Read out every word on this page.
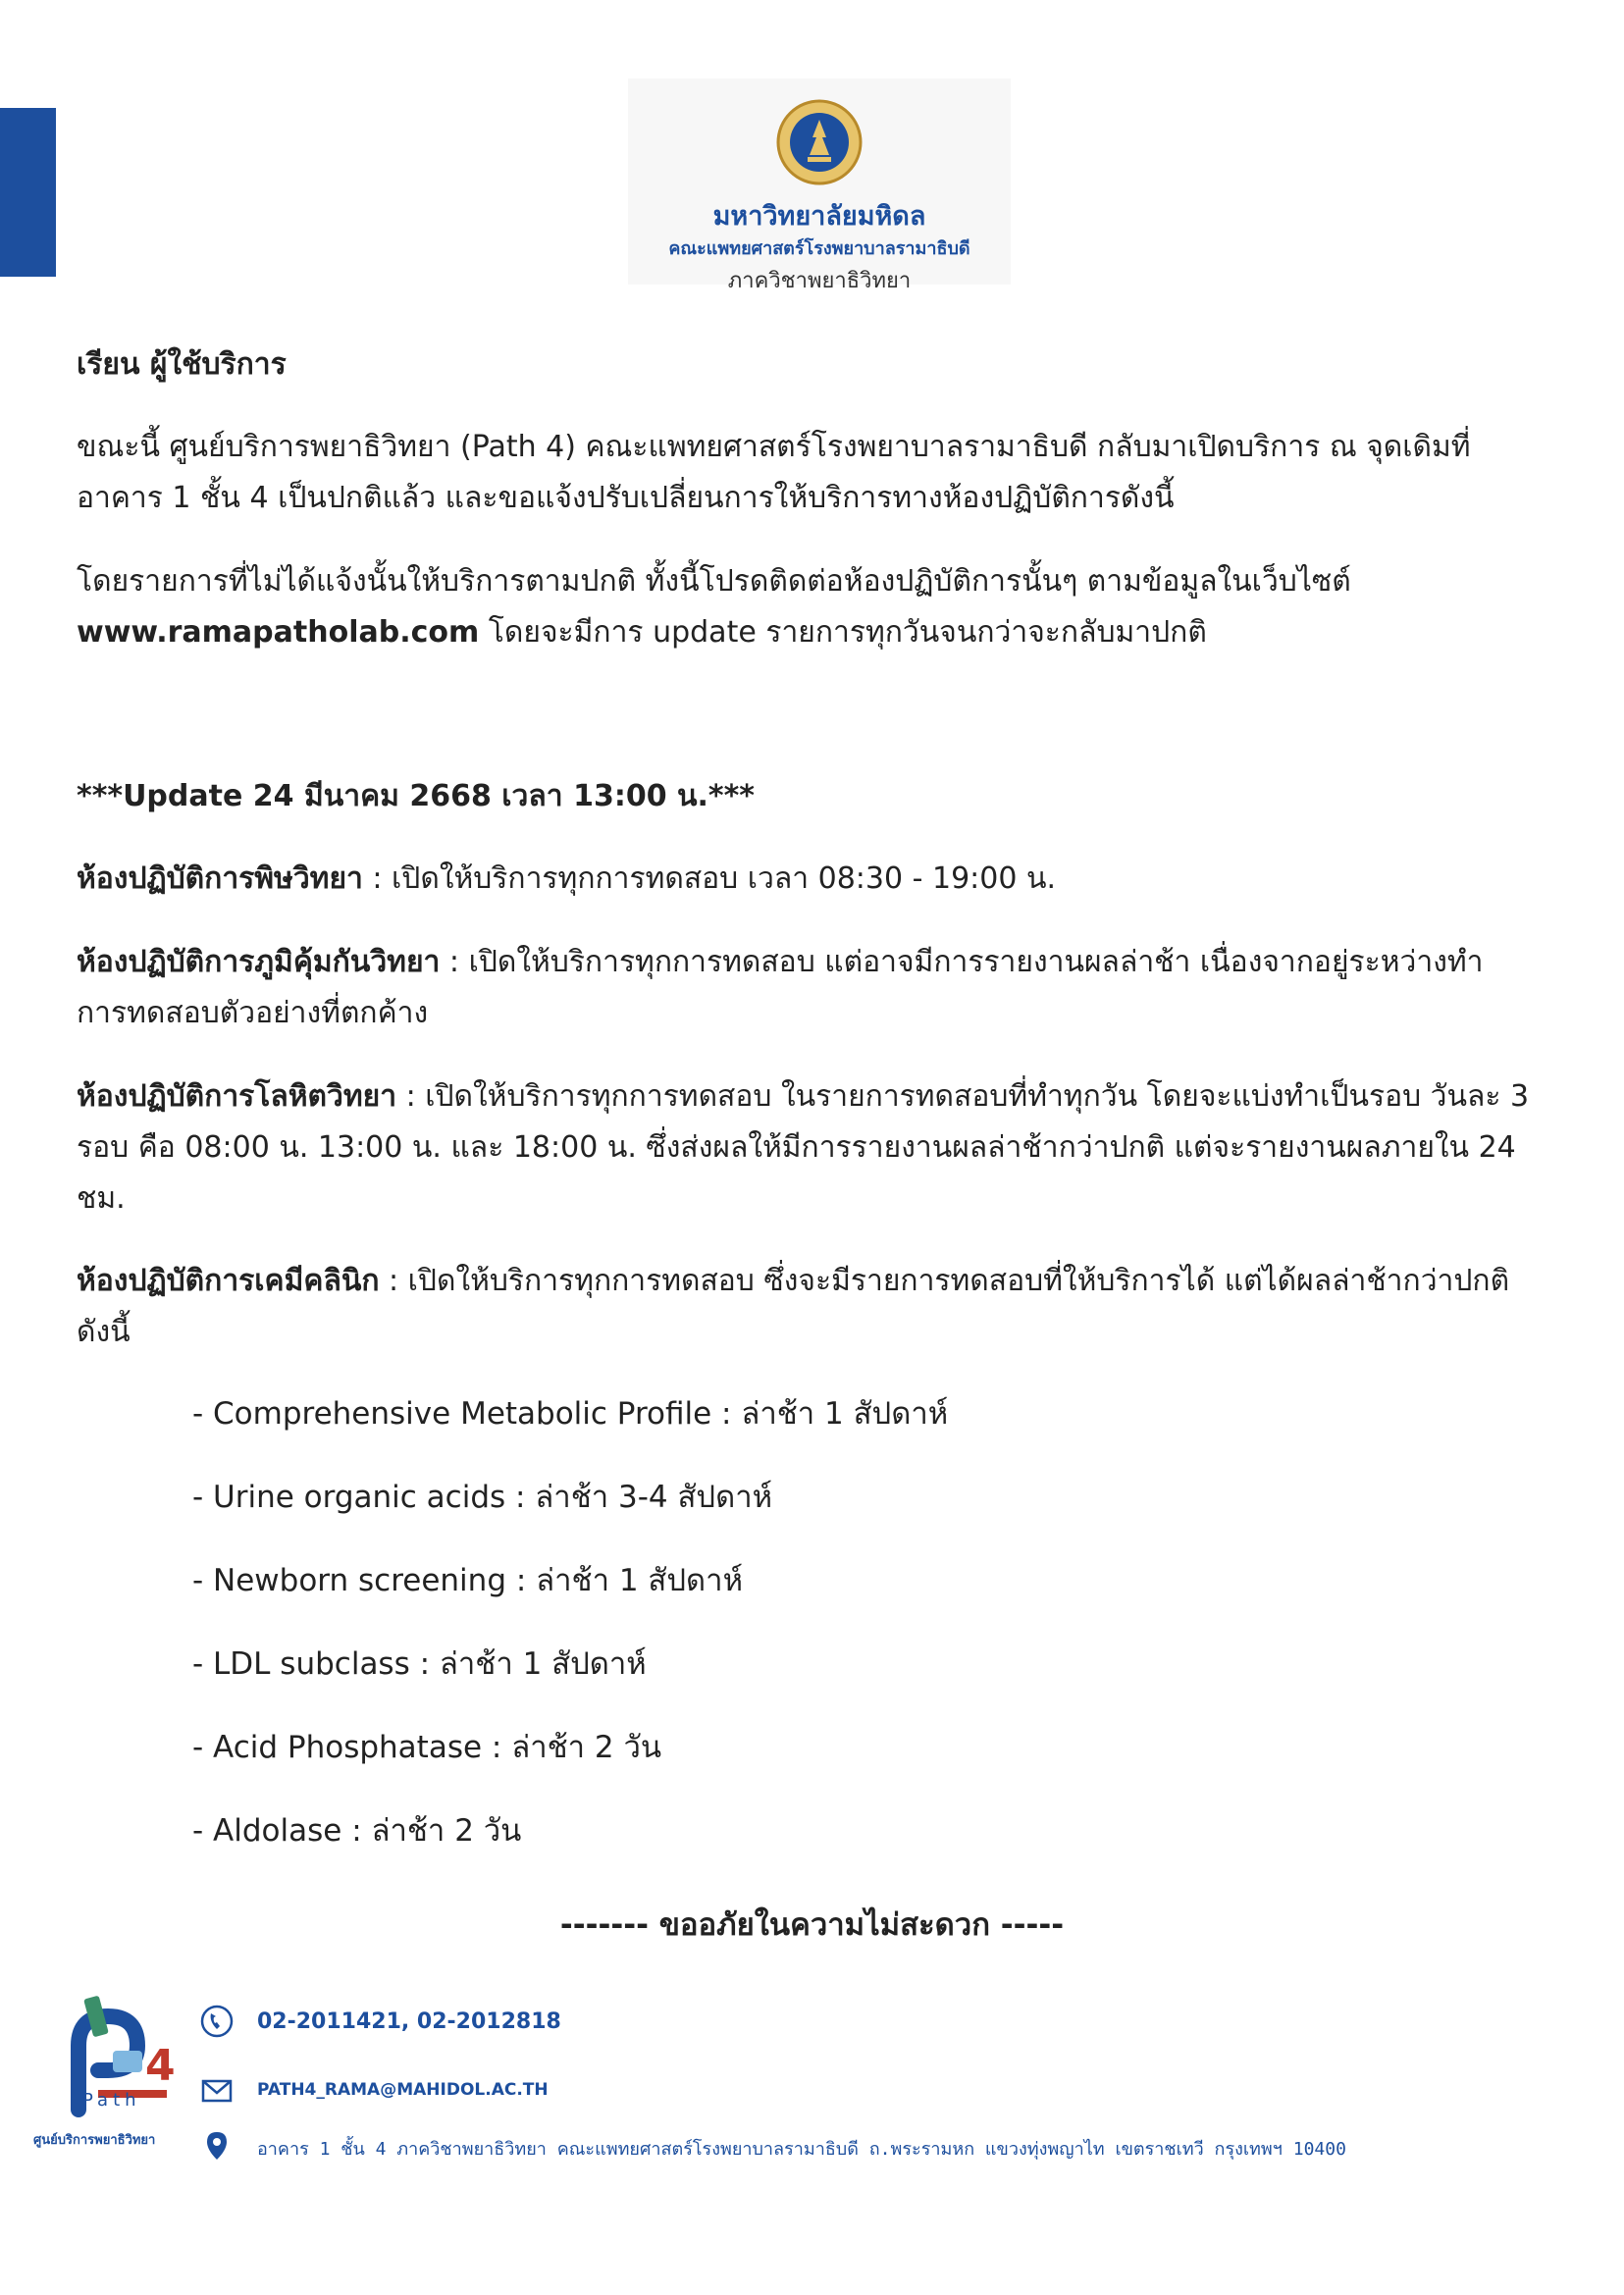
มหาวิทยาลัยมหิดล
คณะแพทยศาสตร์โรงพยาบาลรามาธิบดี
ภาควิชาพยาธิวิทยา

เรียน ผู้ใช้บริการ

ขณะนี้ ศูนย์บริการพยาธิวิทยา (Path 4) คณะแพทยศาสตร์โรงพยาบาลรามาธิบดี กลับมาเปิดบริการ ณ จุดเดิมที่
อาคาร 1 ชั้น 4 เป็นปกติแล้ว และขอแจ้งปรับเปลี่ยนการให้บริการทางห้องปฏิบัติการดังนี้

โดยรายการที่ไม่ได้แจ้งนั้นให้บริการตามปกติ ทั้งนี้โปรดติดต่อห้องปฏิบัติการนั้นๆ ตามข้อมูลในเว็บไซต์
www.ramapatholab.com โดยจะมีการ update รายการทุกวันจนกว่าจะกลับมาปกติ

***Update 24 มีนาคม 2668 เวลา 13:00 น.***

ห้องปฏิบัติการพิษวิทยา : เปิดให้บริการทุกการทดสอบ เวลา 08:30 - 19:00 น.

ห้องปฏิบัติการภูมิคุ้มกันวิทยา : เปิดให้บริการทุกการทดสอบ แต่อาจมีการรายงานผลล่าช้า เนื่องจากอยู่ระหว่างทำ
การทดสอบตัวอย่างที่ตกค้าง

ห้องปฏิบัติการโลหิตวิทยา : เปิดให้บริการทุกการทดสอบ ในรายการทดสอบที่ทำทุกวัน โดยจะแบ่งทำเป็นรอบ วันละ 3
รอบ คือ 08:00 น. 13:00 น. และ 18:00 น. ซึ่งส่งผลให้มีการรายงานผลล่าช้ากว่าปกติ แต่จะรายงานผลภายใน 24
ชม.

ห้องปฏิบัติการเคมีคลินิก : เปิดให้บริการทุกการทดสอบ ซึ่งจะมีรายการทดสอบที่ให้บริการได้ แต่ได้ผลล่าช้ากว่าปกติ
ดังนี้

- Comprehensive Metabolic Profile : ล่าช้า 1 สัปดาห์
- Urine organic acids : ล่าช้า 3-4 สัปดาห์
- Newborn screening : ล่าช้า 1 สัปดาห์
- LDL subclass : ล่าช้า 1 สัปดาห์
- Acid Phosphatase : ล่าช้า 2 วัน
- Aldolase : ล่าช้า 2 วัน
------- ขออภัยในความไม่สะดวก -----
4
Path
ศูนย์บริการพยาธิวิทยา
02-2011421, 02-2012818
PATH4_RAMA@MAHIDOL.AC.TH
อาคาร 1 ชั้น 4 ภาควิชาพยาธิวิทยา คณะแพทยศาสตร์โรงพยาบาลรามาธิบดี ถ.พระรามหก แขวงทุ่งพญาไท เขตราชเทวี กรุงเทพฯ 10400
